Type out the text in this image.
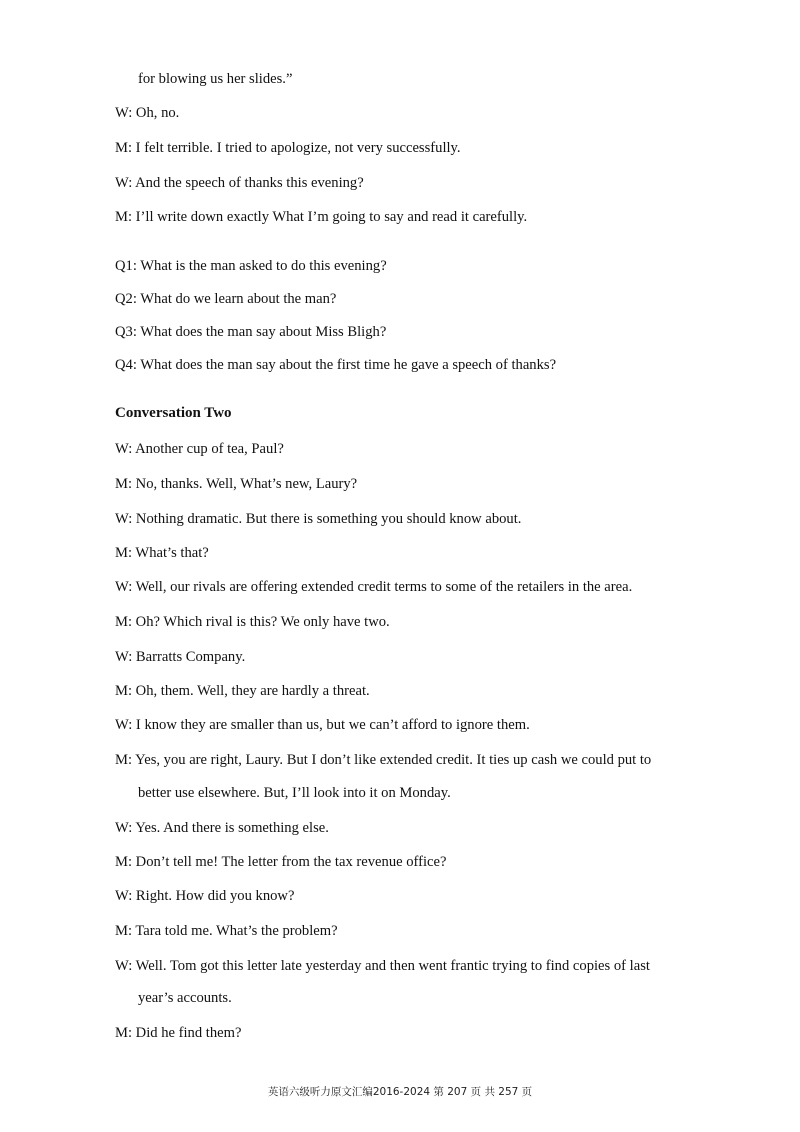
for blowing us her slides.”
W: Oh, no.
M: I felt terrible. I tried to apologize, not very successfully.
W: And the speech of thanks this evening?
M: I’ll write down exactly What I’m going to say and read it carefully.
Q1: What is the man asked to do this evening?
Q2: What do we learn about the man?
Q3: What does the man say about Miss Bligh?
Q4: What does the man say about the first time he gave a speech of thanks?
Conversation Two
W: Another cup of tea, Paul?
M: No, thanks. Well, What’s new, Laury?
W: Nothing dramatic. But there is something you should know about.
M: What’s that?
W: Well, our rivals are offering extended credit terms to some of the retailers in the area.
M: Oh? Which rival is this? We only have two.
W: Barratts Company.
M: Oh, them. Well, they are hardly a threat.
W: I know they are smaller than us, but we can’t afford to ignore them.
M: Yes, you are right, Laury. But I don’t like extended credit. It ties up cash we could put to
better use elsewhere. But, I’ll look into it on Monday.
W: Yes. And there is something else.
M: Don’t tell me! The letter from the tax revenue office?
W: Right. How did you know?
M: Tara told me. What’s the problem?
W: Well. Tom got this letter late yesterday and then went frantic trying to find copies of last
year’s accounts.
M: Did he find them?
英语六级听力原文汇编2016-2024 第 207 页 共 257 页
